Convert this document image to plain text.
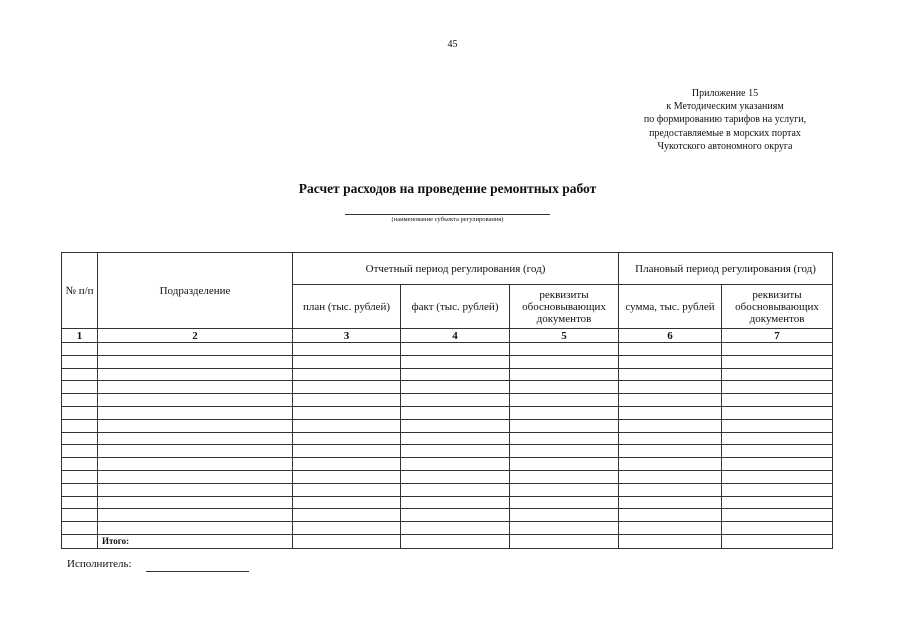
45
Приложение 15
к Методическим указаниям
по формированию тарифов на услуги,
предоставляемые в морских портах
Чукотского автономного округа
Расчет расходов на проведение ремонтных работ
(наименование субъекта регулирования)
№ п/п	Подразделение	Отчетный период регулирования (год)			Плановый период регулирования (год)	
		план (тыс. рублей)	факт (тыс. рублей)	реквизиты обосновывающих документов	сумма, тыс. рублей	реквизиты обосновывающих документов
1	2	3	4	5	6	7

	Итого:					
Исполнитель:
